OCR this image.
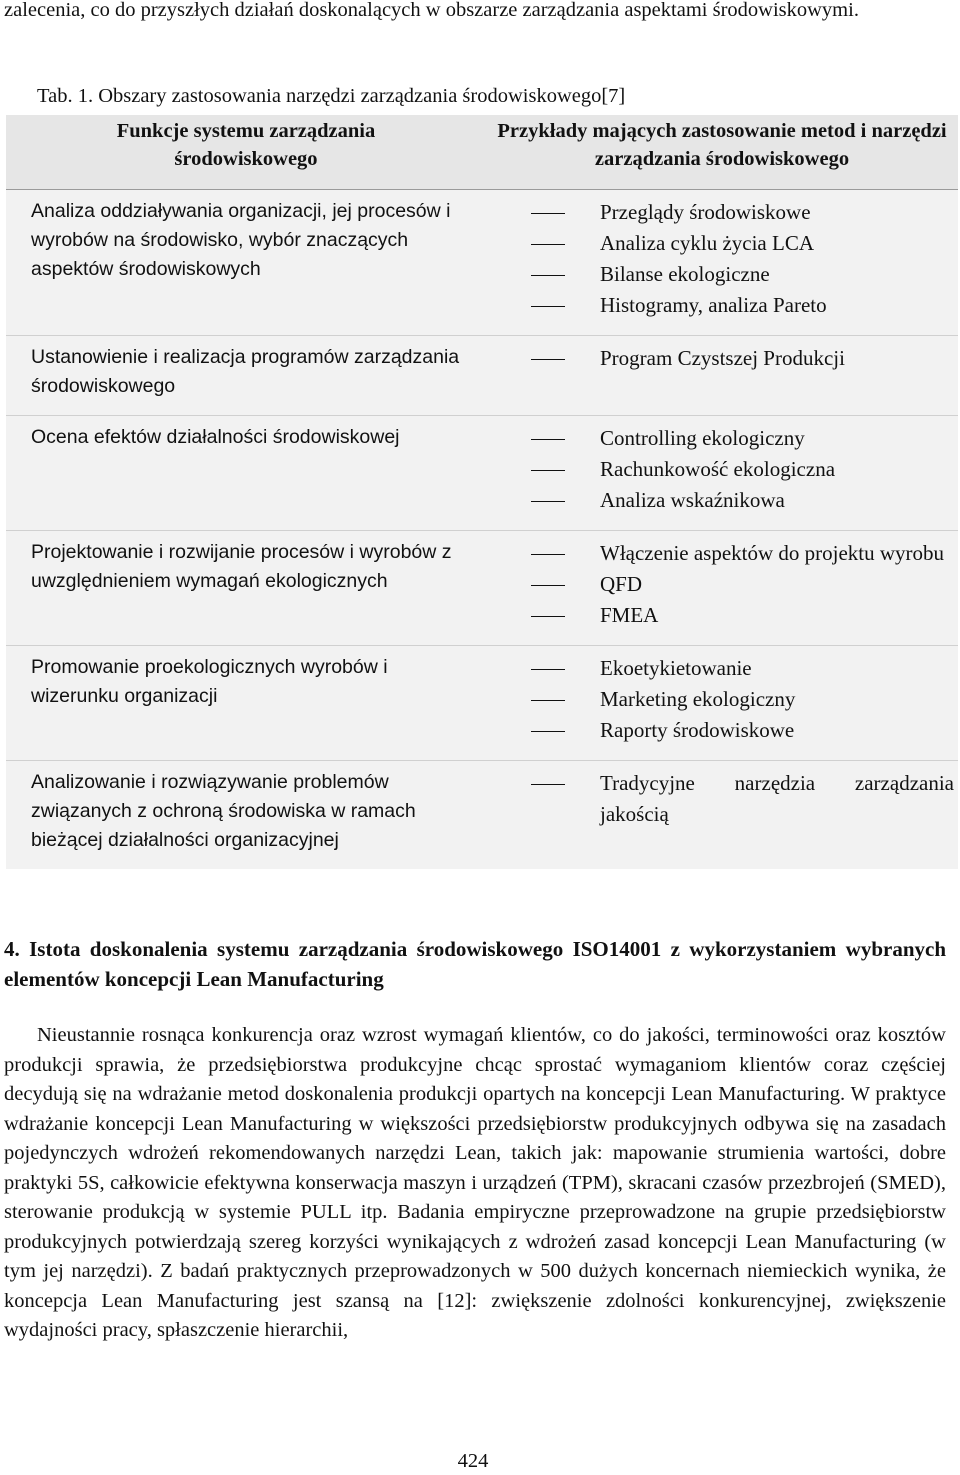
zalecenia, co do przyszłych działań doskonalących w obszarze zarządzania aspektami środowiskowymi.
Tab. 1. Obszary zastosowania narzędzi zarządzania środowiskowego[7]
Funkcje systemu zarządzania środowiskowego	Przykłady mających zastosowanie metod i narzędzi zarządzania środowiskowego
Analiza oddziaływania organizacji, jej procesów i wyrobów na środowisko, wybór znaczących aspektów środowiskowych	Przeglądy środowiskowe
Analiza cyklu życia LCA
Bilanse ekologiczne
Histogramy, analiza Pareto

Ustanowienie i realizacja programów zarządzania środowiskowego	Program Czystszej Produkcji

Ocena efektów działalności środowiskowej	Controlling ekologiczny
Rachunkowość ekologiczna
Analiza wskaźnikowa

Projektowanie i rozwijanie procesów i wyrobów z uwzględnieniem wymagań ekologicznych	Włączenie aspektów do projektu wyrobu
QFD
FMEA

Promowanie proekologicznych wyrobów i wizerunku organizacji	Ekoetykietowanie
Marketing ekologiczny
Raporty środowiskowe

Analizowanie i rozwiązywanie problemów związanych z ochroną środowiska w ramach bieżącej działalności organizacyjnej	Tradycyjne narzędzia zarządzania jakością
4. Istota doskonalenia systemu zarządzania środowiskowego ISO14001 z wykorzystaniem wybranych elementów koncepcji Lean Manufacturing

Nieustannie rosnąca konkurencja oraz wzrost wymagań klientów, co do jakości, terminowości oraz kosztów produkcji sprawia, że przedsiębiorstwa produkcyjne chcąc sprostać wymaganiom klientów coraz częściej decydują się na wdrażanie metod doskonalenia produkcji opartych na koncepcji Lean Manufacturing. W praktyce wdrażanie koncepcji Lean Manufacturing w większości przedsiębiorstw produkcyjnych odbywa się na zasadach pojedynczych wdrożeń rekomendowanych narzędzi Lean, takich jak: mapowanie strumienia wartości, dobre praktyki 5S, całkowicie efektywna konserwacja maszyn i urządzeń (TPM), skracani czasów przezbrojeń (SMED), sterowanie produkcją w systemie PULL itp. Badania empiryczne przeprowadzone na grupie przedsiębiorstw produkcyjnych potwierdzają szereg korzyści wynikających z wdrożeń zasad koncepcji Lean Manufacturing (w tym jej narzędzi). Z badań praktycznych przeprowadzonych w 500 dużych koncernach niemieckich wynika, że koncepcja Lean Manufacturing jest szansą na [12]: zwiększenie zdolności konkurencyjnej, zwiększenie wydajności pracy, spłaszczenie hierarchii,

424
